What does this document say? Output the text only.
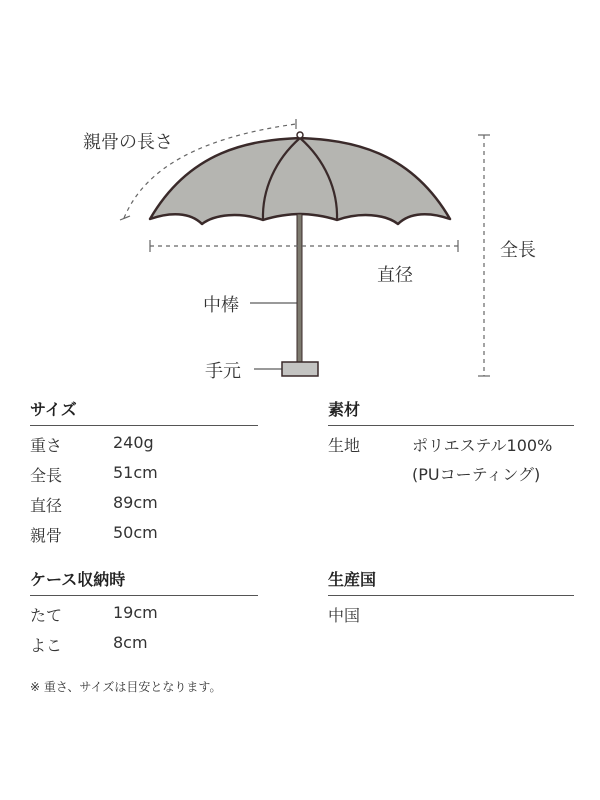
親骨の長さ
直径
全長
中棒
手元
サイズ
重さ	240g
全長	51cm
直径	89cm
親骨	50cm
素材
生地	ポリエステル100%
(PUコーティング)
ケース収納時
たて	19cm
よこ	8cm
生産国
中国
※ 重さ、サイズは目安となります。
